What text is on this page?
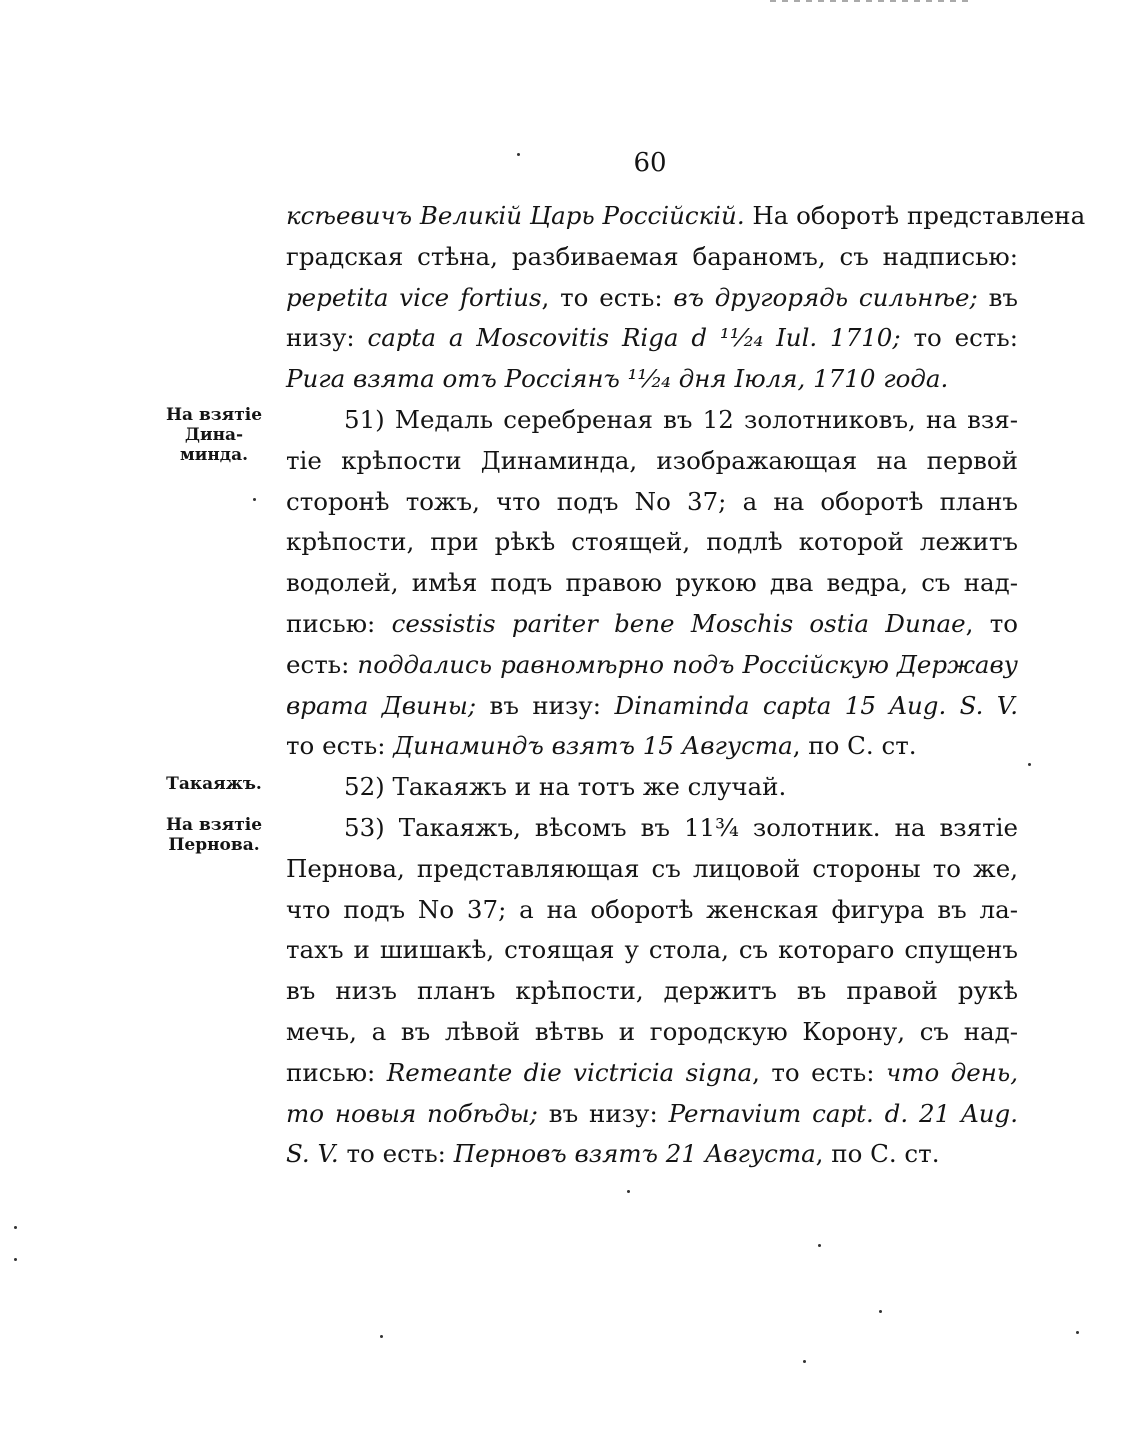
60
ксѣевичъ Великій Царь Россійскій. На оборотѣ представлена
градская стѣна, разбиваемая бараномъ, съ надписью:
pepetita vice fortius, то есть: въ другорядь сильнѣе; въ
низу: capta a Moscovitis Riga d ¹¹⁄₂₄ Iul. 1710; то есть:
Рига взята отъ Россіянъ ¹¹⁄₂₄ дня Іюля, 1710 года.
51) Медаль серебреная въ 12 золотниковъ, на взя-
тіе крѣпости Динаминда, изображающая на первой
сторонѣ тожъ, что подъ No 37; а на оборотѣ планъ
крѣпости, при рѣкѣ стоящей, подлѣ которой лежитъ
водолей, имѣя подъ правою рукою два ведра, съ над-
писью: cessistis pariter bene Moschis ostia Dunae, то
есть: поддались равномѣрно подъ Россійскую Державу
врата Двины; въ низу: Dinaminda capta 15 Aug. S. V.
то есть: Динаминдъ взятъ 15 Августа, по С. ст.
52) Такаяжъ и на тотъ же случай.
53) Такаяжъ, вѣсомъ въ 11¾ золотник. на взятіе
Пернова, представляющая съ лицовой стороны то же,
что подъ No 37; а на оборотѣ женская фигура въ ла-
тахъ и шишакѣ, стоящая у стола, съ котораго спущенъ
въ низъ планъ крѣпости, держитъ въ правой рукѣ
мечь, а въ лѣвой вѣтвь и городскую Корону, съ над-
писью: Remeante die victricia signa, то есть: что день,
то новыя побѣды; въ низу: Pernavium capt. d. 21 Aug.
S. V. то есть: Перновъ взятъ 21 Августа, по С. ст.
На взятіе
Дина-
минда.
Такаяжъ.
На взятіе
Пернова.
